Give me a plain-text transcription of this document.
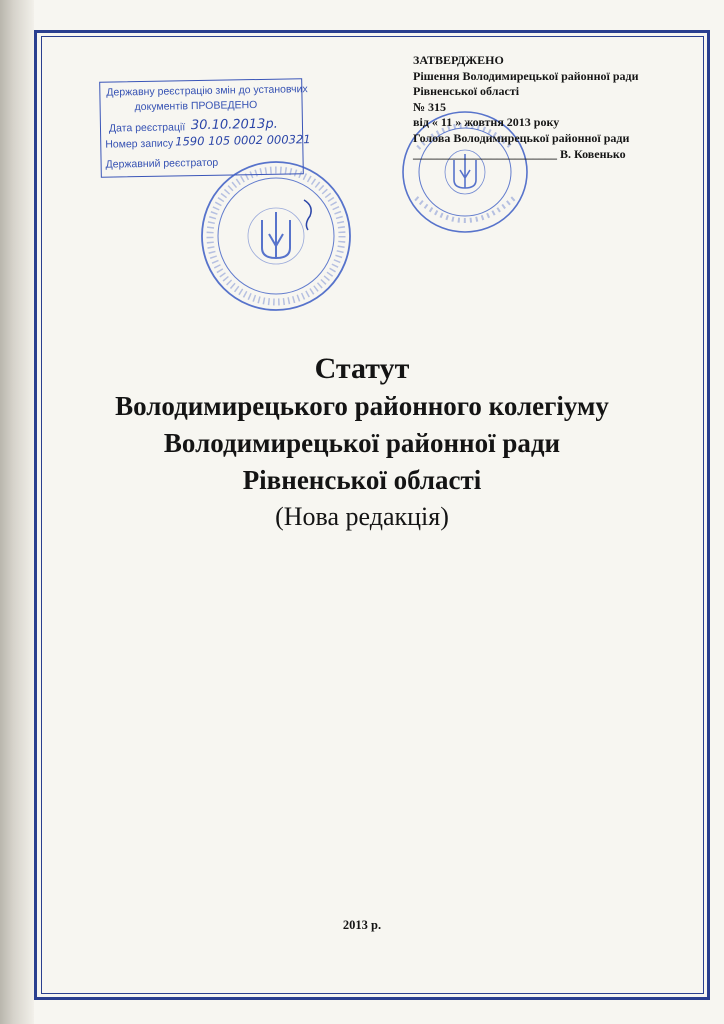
ЗАТВЕРДЖЕНО
Рішення Володимирецької районної ради
Рівненської області
№ 315
від « 11 » жовтня 2013 року
Голова Володимирецької районної ради
________________________ В. Ковенько
Державну реєстрацію змін до установчих
документів ПРОВЕДЕНО
Дата реєстрації 30.10.2013р.
Номер запису 1590 105 0002 000321
Державний реєстратор
Статут
Володимирецького районного колегіуму
Володимирецької районної ради
Рівненської області
(Нова редакція)
2013 р.
